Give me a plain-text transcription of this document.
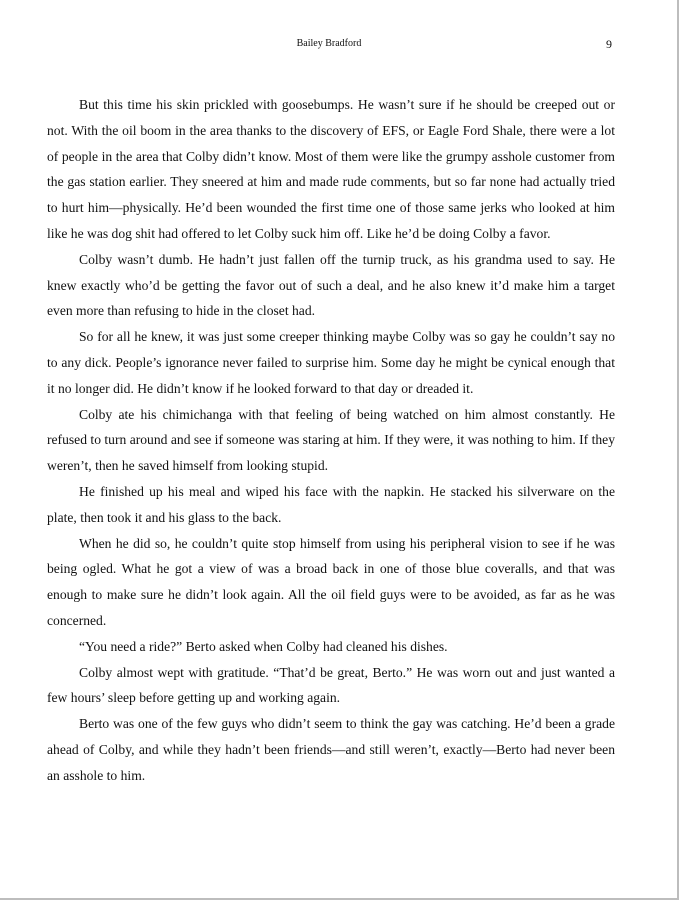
Bailey Bradford	9

But this time his skin prickled with goosebumps. He wasn’t sure if he should be creeped out or not. With the oil boom in the area thanks to the discovery of EFS, or Eagle Ford Shale, there were a lot of people in the area that Colby didn’t know. Most of them were like the grumpy asshole customer from the gas station earlier. They sneered at him and made rude comments, but so far none had actually tried to hurt him—physically. He’d been wounded the first time one of those same jerks who looked at him like he was dog shit had offered to let Colby suck him off. Like he’d be doing Colby a favor.

Colby wasn’t dumb. He hadn’t just fallen off the turnip truck, as his grandma used to say. He knew exactly who’d be getting the favor out of such a deal, and he also knew it’d make him a target even more than refusing to hide in the closet had.

So for all he knew, it was just some creeper thinking maybe Colby was so gay he couldn’t say no to any dick. People’s ignorance never failed to surprise him. Some day he might be cynical enough that it no longer did. He didn’t know if he looked forward to that day or dreaded it.

Colby ate his chimichanga with that feeling of being watched on him almost constantly. He refused to turn around and see if someone was staring at him. If they were, it was nothing to him. If they weren’t, then he saved himself from looking stupid.

He finished up his meal and wiped his face with the napkin. He stacked his silverware on the plate, then took it and his glass to the back.

When he did so, he couldn’t quite stop himself from using his peripheral vision to see if he was being ogled. What he got a view of was a broad back in one of those blue coveralls, and that was enough to make sure he didn’t look again. All the oil field guys were to be avoided, as far as he was concerned.

“You need a ride?” Berto asked when Colby had cleaned his dishes.

Colby almost wept with gratitude. “That’d be great, Berto.” He was worn out and just wanted a few hours’ sleep before getting up and working again.

Berto was one of the few guys who didn’t seem to think the gay was catching. He’d been a grade ahead of Colby, and while they hadn’t been friends—and still weren’t, exactly—Berto had never been an asshole to him.
